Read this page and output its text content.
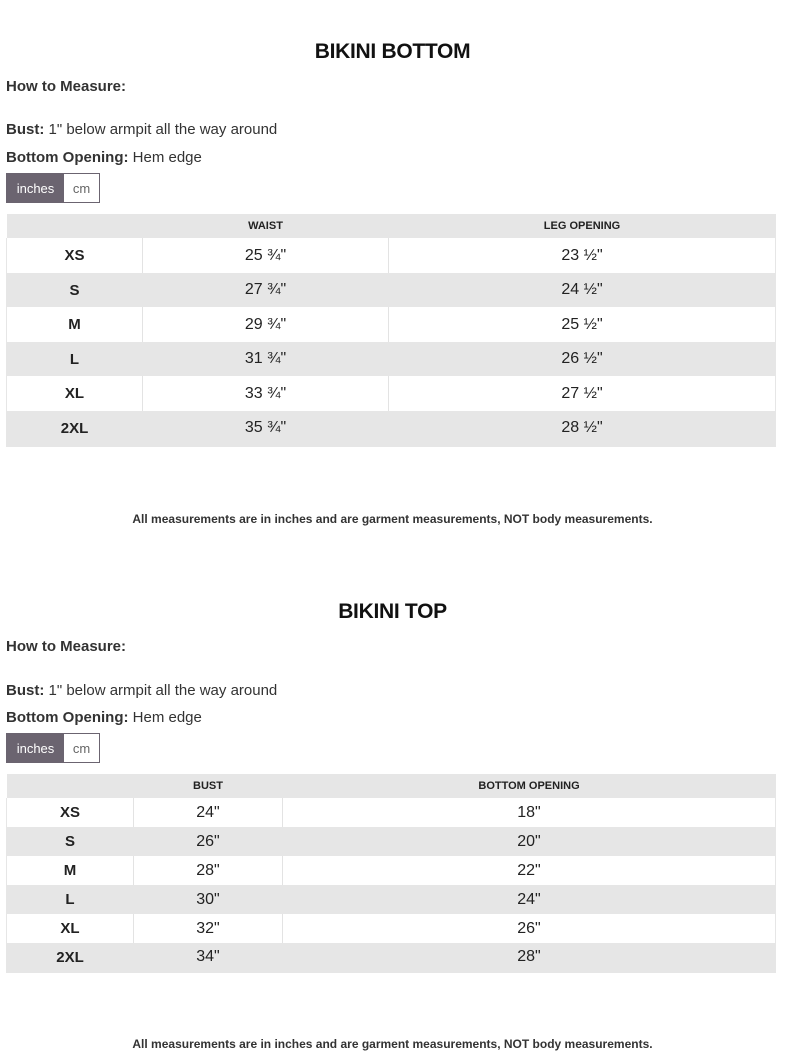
BIKINI BOTTOM
How to Measure:
Bust: 1" below armpit all the way around
Bottom Opening: Hem edge
inches	cm
	WAIST	LEG OPENING
XS	25 ¾"	23 ½"
S	27 ¾"	24 ½"
M	29 ¾"	25 ½"
L	31 ¾"	26 ½"
XL	33 ¾"	27 ½"
2XL	35 ¾"	28 ½"
All measurements are in inches and are garment measurements, NOT body measurements.
BIKINI TOP
How to Measure:
Bust: 1" below armpit all the way around
Bottom Opening: Hem edge
inches	cm
	BUST	BOTTOM OPENING
XS	24"	18"
S	26"	20"
M	28"	22"
L	30"	24"
XL	32"	26"
2XL	34"	28"
All measurements are in inches and are garment measurements, NOT body measurements.
